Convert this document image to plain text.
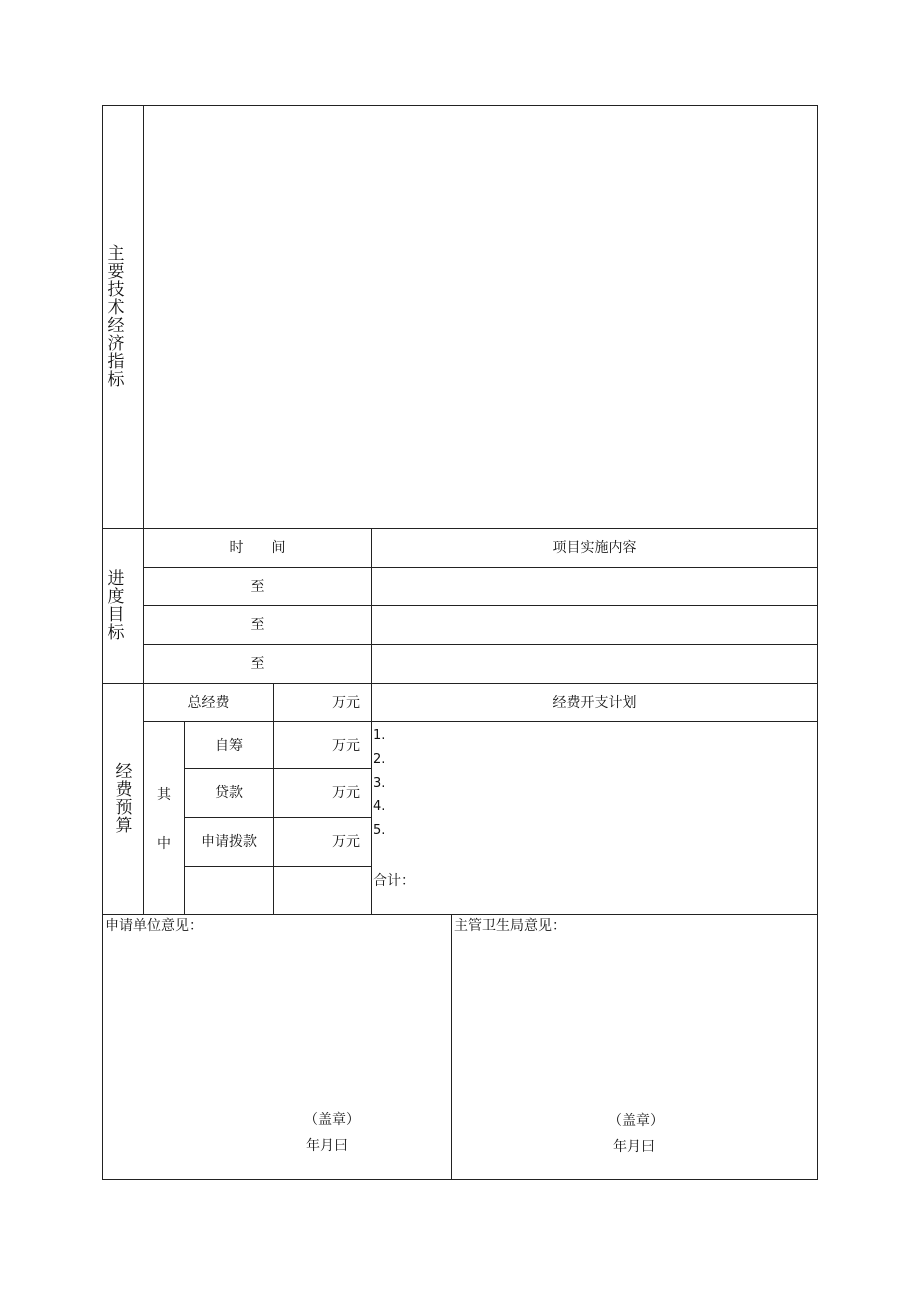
主要技术经济指标
进度目标
时　　间	项目实施内容
至
至
至
经费预算
总经费	万元	经费开支计划
其
中
自筹	万元
贷款	万元
申请拨款	万元
1.
2.
3.
4.
5.
合计：
申请单位意见：
（盖章）
年月曰
主管卫生局意见：
（盖章）
年月曰
